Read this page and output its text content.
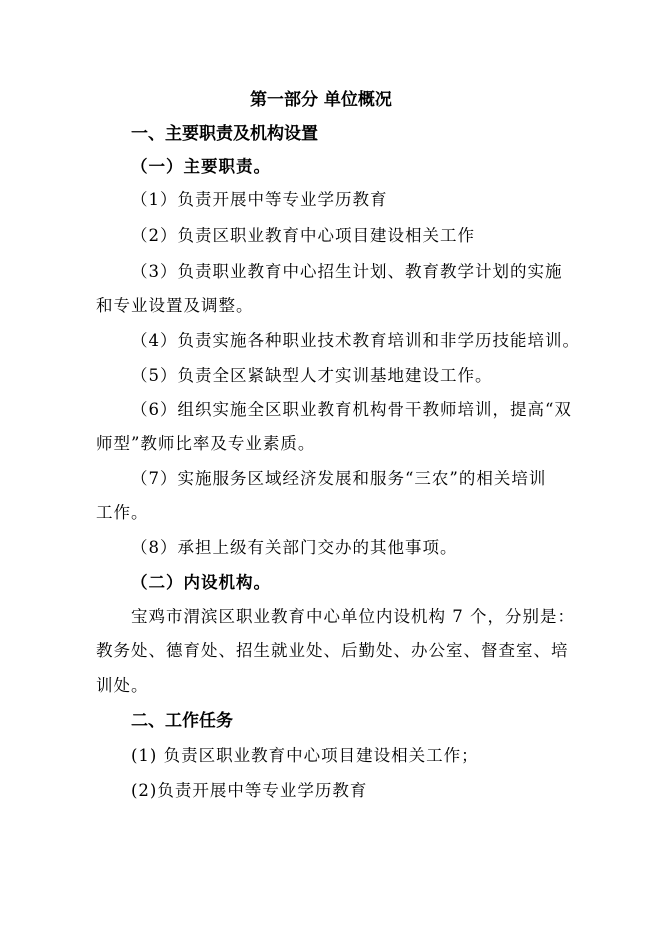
第一部分 单位概况
一、主要职责及机构设置
（一）主要职责。
（1）负责开展中等专业学历教育
（2）负责区职业教育中心项目建设相关工作
（3）负责职业教育中心招生计划、教育教学计划的实施
和专业设置及调整。
（4）负责实施各种职业技术教育培训和非学历技能培训。
（5）负责全区紧缺型人才实训基地建设工作。
（6）组织实施全区职业教育机构骨干教师培训，提高“双
师型”教师比率及专业素质。
（7）实施服务区域经济发展和服务“三农”的相关培训
工作。
（8）承担上级有关部门交办的其他事项。
（二）内设机构。
宝鸡市渭滨区职业教育中心单位内设机构 7 个，分别是：
教务处、德育处、招生就业处、后勤处、办公室、督查室、培
训处。
二、工作任务
(1) 负责区职业教育中心项目建设相关工作；
(2)负责开展中等专业学历教育
